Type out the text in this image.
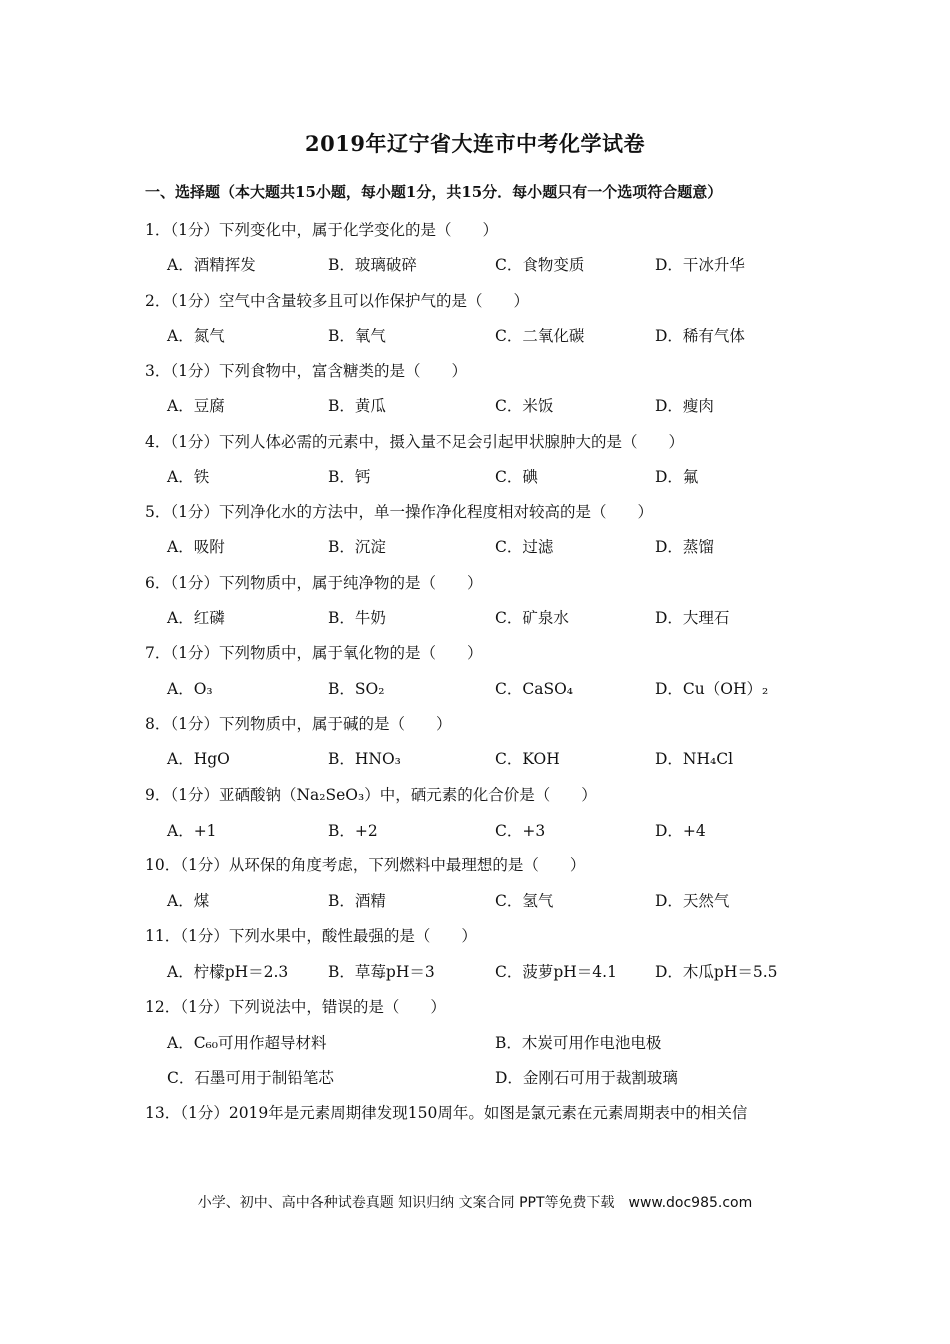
2019年辽宁省大连市中考化学试卷
一、选择题（本大题共15小题，每小题1分，共15分．每小题只有一个选项符合题意）
1．（1分）下列变化中，属于化学变化的是（　　）
A．酒精挥发	B．玻璃破碎	C．食物变质	D．干冰升华
2．（1分）空气中含量较多且可以作保护气的是（　　）
A．氮气	B．氧气	C．二氧化碳	D．稀有气体
3．（1分）下列食物中，富含糖类的是（　　）
A．豆腐	B．黄瓜	C．米饭	D．瘦肉
4．（1分）下列人体必需的元素中，摄入量不足会引起甲状腺肿大的是（　　）
A．铁	B．钙	C．碘	D．氟
5．（1分）下列净化水的方法中，单一操作净化程度相对较高的是（　　）
A．吸附	B．沉淀	C．过滤	D．蒸馏
6．（1分）下列物质中，属于纯净物的是（　　）
A．红磷	B．牛奶	C．矿泉水	D．大理石
7．（1分）下列物质中，属于氧化物的是（　　）
A．O₃	B．SO₂	C．CaSO₄	D．Cu（OH）₂
8．（1分）下列物质中，属于碱的是（　　）
A．HgO	B．HNO₃	C．KOH	D．NH₄Cl
9．（1分）亚硒酸钠（Na₂SeO₃）中，硒元素的化合价是（　　）
A．+1	B．+2	C．+3	D．+4
10．（1分）从环保的角度考虑，下列燃料中最理想的是（　　）
A．煤	B．酒精	C．氢气	D．天然气
11．（1分）下列水果中，酸性最强的是（　　）
A．柠檬pH＝2.3	B．草莓pH＝3	C．菠萝pH＝4.1 D．木瓜pH＝5.5
12．（1分）下列说法中，错误的是（　　）
A．C₆₀可用作超导材料	B．木炭可用作电池电极
C．石墨可用于制铅笔芯	D．金刚石可用于裁割玻璃
13．（1分）2019年是元素周期律发现150周年。如图是氯元素在元素周期表中的相关信
小学、初中、高中各种试卷真题 知识归纳 文案合同 PPT等免费下载　www.doc985.com
